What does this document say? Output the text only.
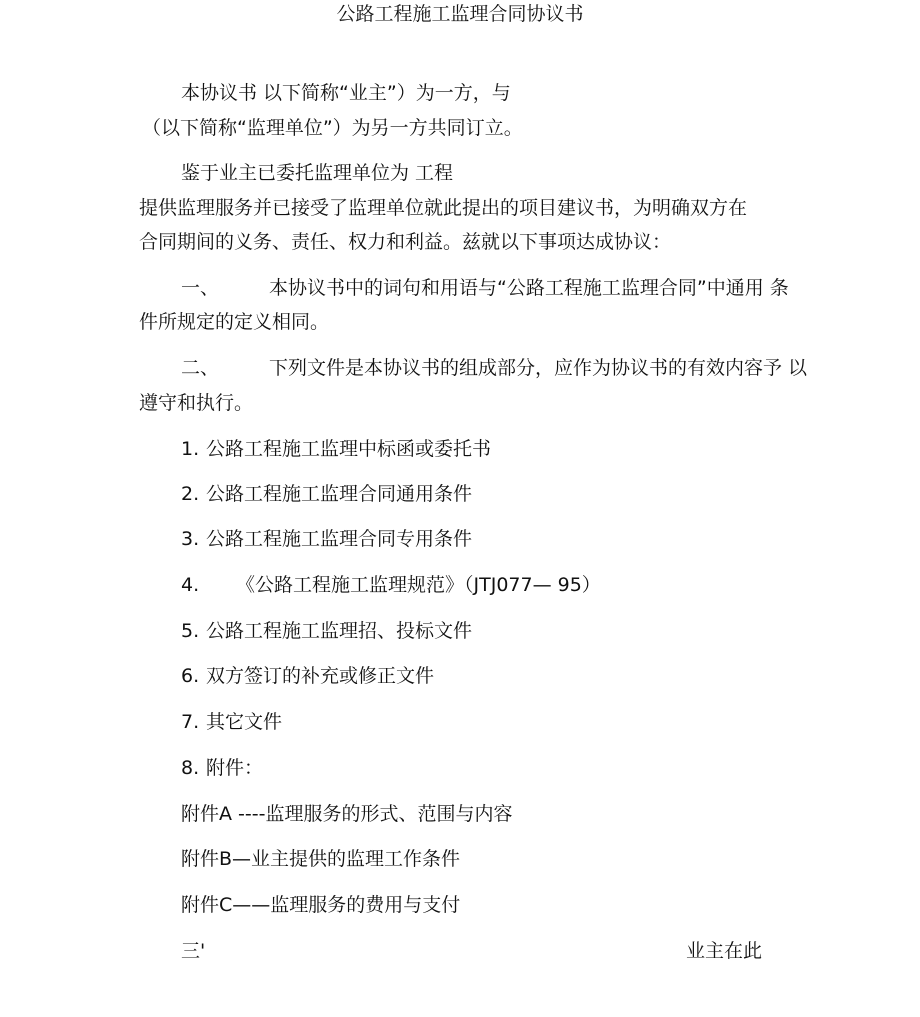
公路工程施工监理合同协议书
本协议书 以下简称“业主”）为一方，与
（以下简称“监理单位”）为另一方共同订立。
鉴于业主已委托监理单位为 工程
提供监理服务并已接受了监理单位就此提出的项目建议书，为明确双方在
合同期间的义务、责任、权力和利益。兹就以下事项达成协议：
一、	本协议书中的词句和用语与“公路工程施工监理合同”中通用 条
件所规定的定义相同。
二、	下列文件是本协议书的组成部分，应作为协议书的有效内容予 以
遵守和执行。
1. 公路工程施工监理中标函或委托书
2. 公路工程施工监理合同通用条件
3. 公路工程施工监理合同专用条件
4. 《公路工程施工监理规范》（JTJ077— 95）
5. 公路工程施工监理招、投标文件
6. 双方签订的补充或修正文件
7. 其它文件
8. 附件：
附件A ----监理服务的形式、范围与内容
附件B—业主提供的监理工作条件
附件C——监理服务的费用与支付
三'	业主在此
